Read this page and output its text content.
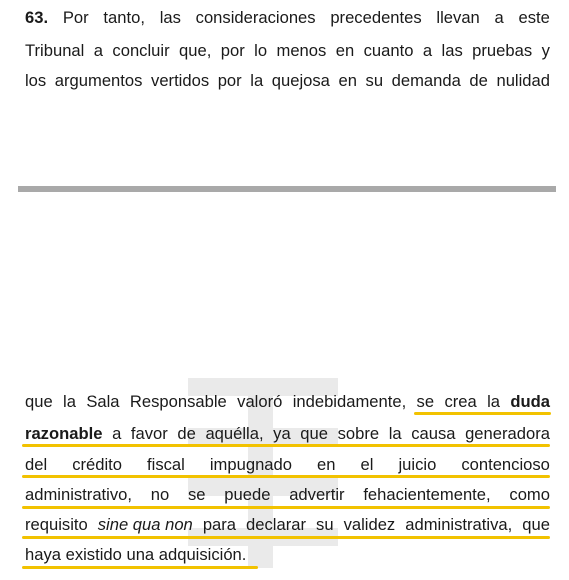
63. Por tanto, las consideraciones precedentes llevan a este
Tribunal a concluir que, por lo menos en cuanto a las pruebas y
los argumentos vertidos por la quejosa en su demanda de nulidad
que la Sala Responsable valoró indebidamente, se crea la duda
razonable a favor de aquélla, ya que sobre la causa generadora
del crédito fiscal impugnado en el juicio contencioso
administrativo, no se puede advertir fehacientemente, como
requisito sine qua non para declarar su validez administrativa, que
haya existido una adquisición.
